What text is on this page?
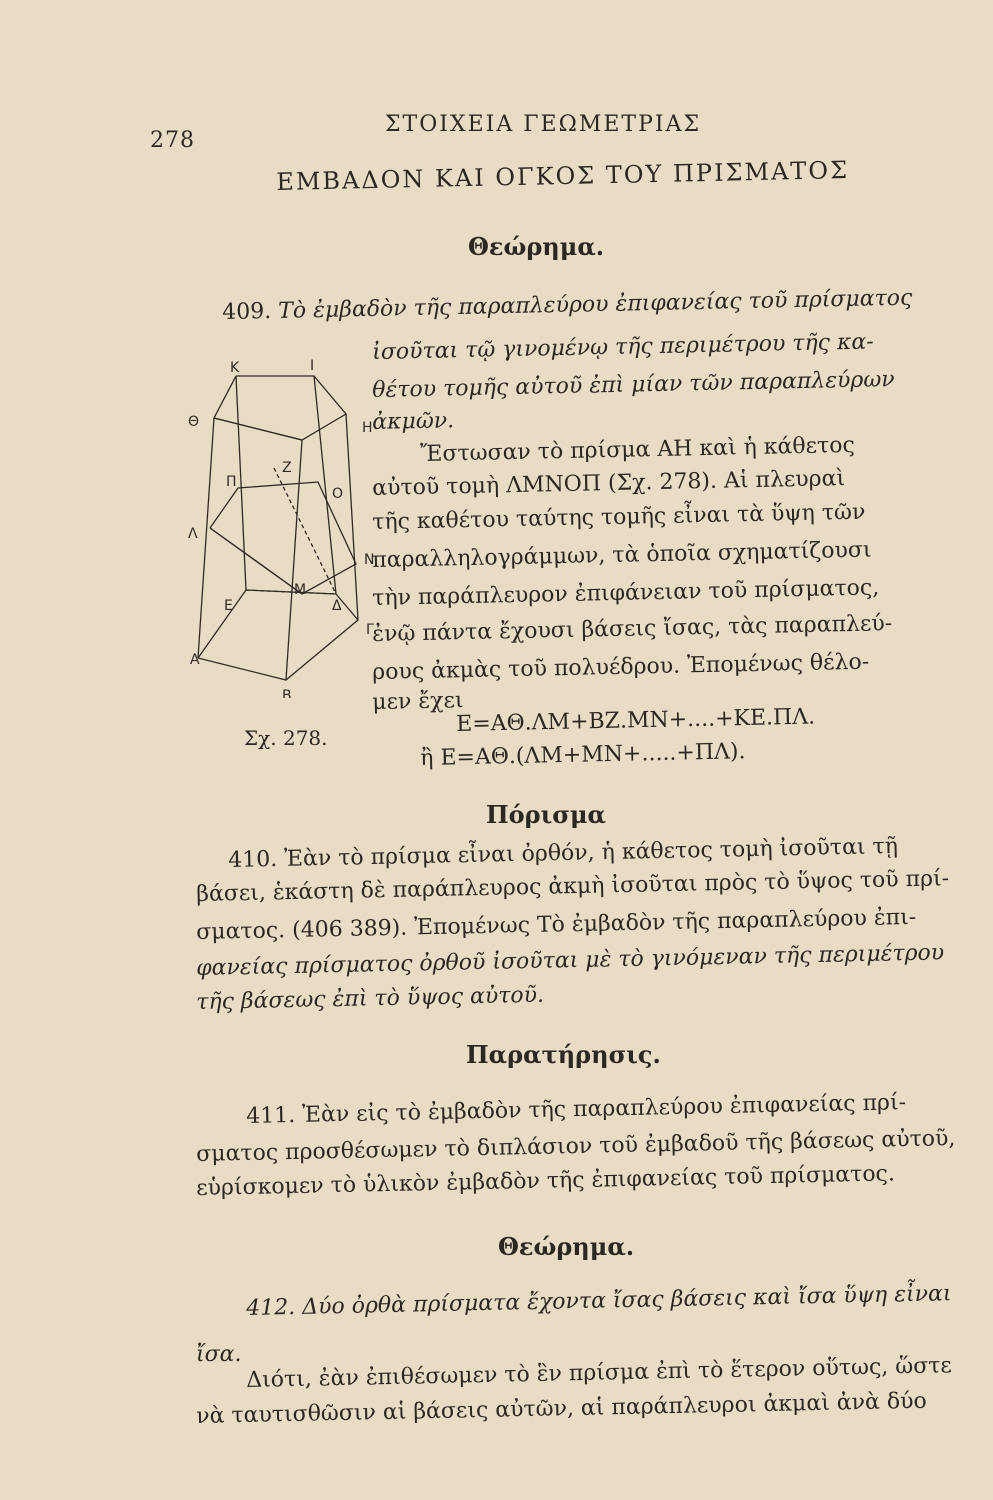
278
ΣΤΟΙΧΕΙΑ ΓΕΩΜΕΤΡΙΑΣ
ΕΜΒΑΔΟΝ ΚΑΙ ΟΓΚΟΣ ΤΟΥ ΠΡΙΣΜΑΤΟΣ
Θεώρημα.
409. Τὸ ἐμβαδὸν τῆς παραπλεύρου ἐπιφανείας τοῦ πρίσματος
ἰσοῦται τῷ γινομένῳ τῆς περιμέτρου τῆς κα-
θέτου τομῆς αὐτοῦ ἐπὶ μίαν τῶν παραπλεύρων
ἀκμῶν.
Ἔστωσαν τὸ πρίσμα ΑΗ καὶ ἡ κάθετος
αὐτοῦ τομὴ ΛΜΝΟΠ (Σχ. 278). Αἱ πλευραὶ
τῆς καθέτου ταύτης τομῆς εἶναι τὰ ὕψη τῶν
παραλληλογράμμων, τὰ ὁποῖα σχηματίζουσι
τὴν παράπλευρον ἐπιφάνειαν τοῦ πρίσματος,
ἐνῷ πάντα ἔχουσι βάσεις ἴσας, τὰς παραπλεύ-
ρους ἀκμὰς τοῦ πολυέδρου. Ἐπομένως θέλο-
μεν ἔχει
Ε=ΑΘ.ΛΜ+ΒΖ.ΜΝ+....+ΚΕ.ΠΛ.
ἢ Ε=ΑΘ.(ΛΜ+ΜΝ+.....+ΠΛ).
Κ	Ι
Θ	Η
Ζ
Π
Ο
Λ
Ν
Μ
Ε	Δ
Γ
Α
Β
Σχ. 278.
Πόρισμα
410. Ἐὰν τὸ πρίσμα εἶναι ὀρθόν, ἡ κάθετος τομὴ ἰσοῦται τῇ
βάσει, ἑκάστη δὲ παράπλευρος ἀκμὴ ἰσοῦται πρὸς τὸ ὕψος τοῦ πρί-
σματος. (406 389). Ἐπομένως Τὸ ἐμβαδὸν τῆς παραπλεύρου ἐπι-
φανείας πρίσματος ὀρθοῦ ἰσοῦται μὲ τὸ γινόμεναν τῆς περιμέτρου
τῆς βάσεως ἐπὶ τὸ ὕψος αὐτοῦ.
Παρατήρησις.
411. Ἐὰν εἰς τὸ ἐμβαδὸν τῆς παραπλεύρου ἐπιφανείας πρί-
σματος προσθέσωμεν τὸ διπλάσιον τοῦ ἐμβαδοῦ τῆς βάσεως αὐτοῦ,
εὑρίσκομεν τὸ ὑλικὸν ἐμβαδὸν τῆς ἐπιφανείας τοῦ πρίσματος.
Θεώρημα.
412. Δύο ὀρθὰ πρίσματα ἔχοντα ἴσας βάσεις καὶ ἴσα ὕψη εἶναι
ἴσα. Διότι, ἐὰν ἐπιθέσωμεν τὸ ἓν πρίσμα ἐπὶ τὸ ἕτερον οὕτως, ὥστε
νὰ ταυτισθῶσιν αἱ βάσεις αὐτῶν, αἱ παράπλευροι ἀκμαὶ ἀνὰ δύο
